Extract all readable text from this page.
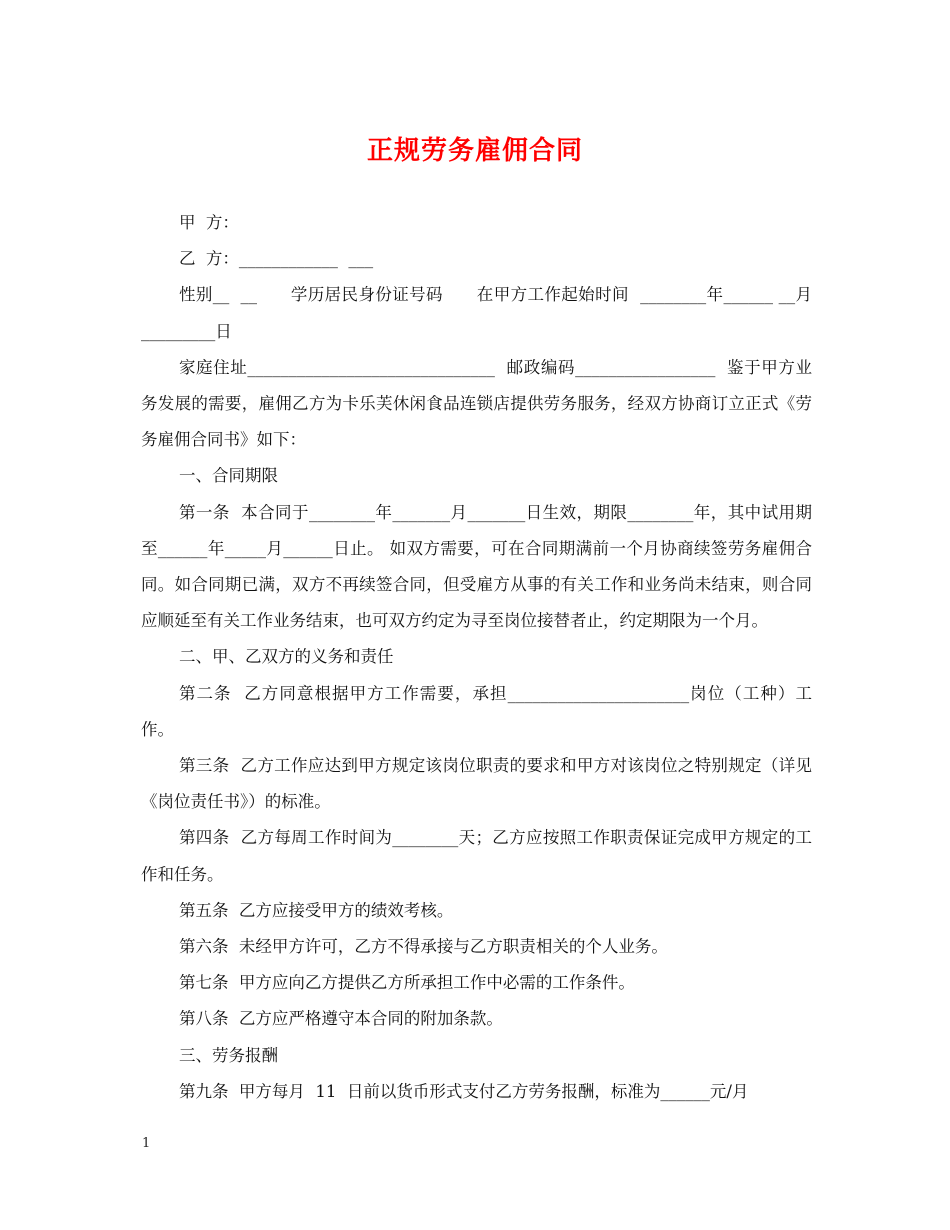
正规劳务雇佣合同

甲  方：

乙  方：____________  ___

性别__  __      学历居民身份证号码      在甲方工作起始时间  ________年______ __月_________日

家庭住址______________________________  邮政编码_________________  鉴于甲方业务发展的需要，雇佣乙方为卡乐芙休闲食品连锁店提供劳务服务，经双方协商订立正式《劳务雇佣合同书》如下：

一、合同期限

第一条  本合同于________年_______月_______日生效，期限________年，其中试用期至______年_____月______日止。 如双方需要，可在合同期满前一个月协商续签劳务雇佣合同。如合同期已满，双方不再续签合同，但受雇方从事的有关工作和业务尚未结束，则合同应顺延至有关工作业务结束，也可双方约定为寻至岗位接替者止，约定期限为一个月。

二、甲、乙双方的义务和责任

第二条  乙方同意根据甲方工作需要，承担______________________岗位（工种）工作。

第三条  乙方工作应达到甲方规定该岗位职责的要求和甲方对该岗位之特别规定（详见《岗位责任书》）的标准。

第四条  乙方每周工作时间为________天；乙方应按照工作职责保证完成甲方规定的工作和任务。

第五条  乙方应接受甲方的绩效考核。

第六条  未经甲方许可，乙方不得承接与乙方职责相关的个人业务。

第七条  甲方应向乙方提供乙方所承担工作中必需的工作条件。

第八条  乙方应严格遵守本合同的附加条款。

三、劳务报酬

第九条  甲方每月  11  日前以货币形式支付乙方劳务报酬，标准为______元/月

1
